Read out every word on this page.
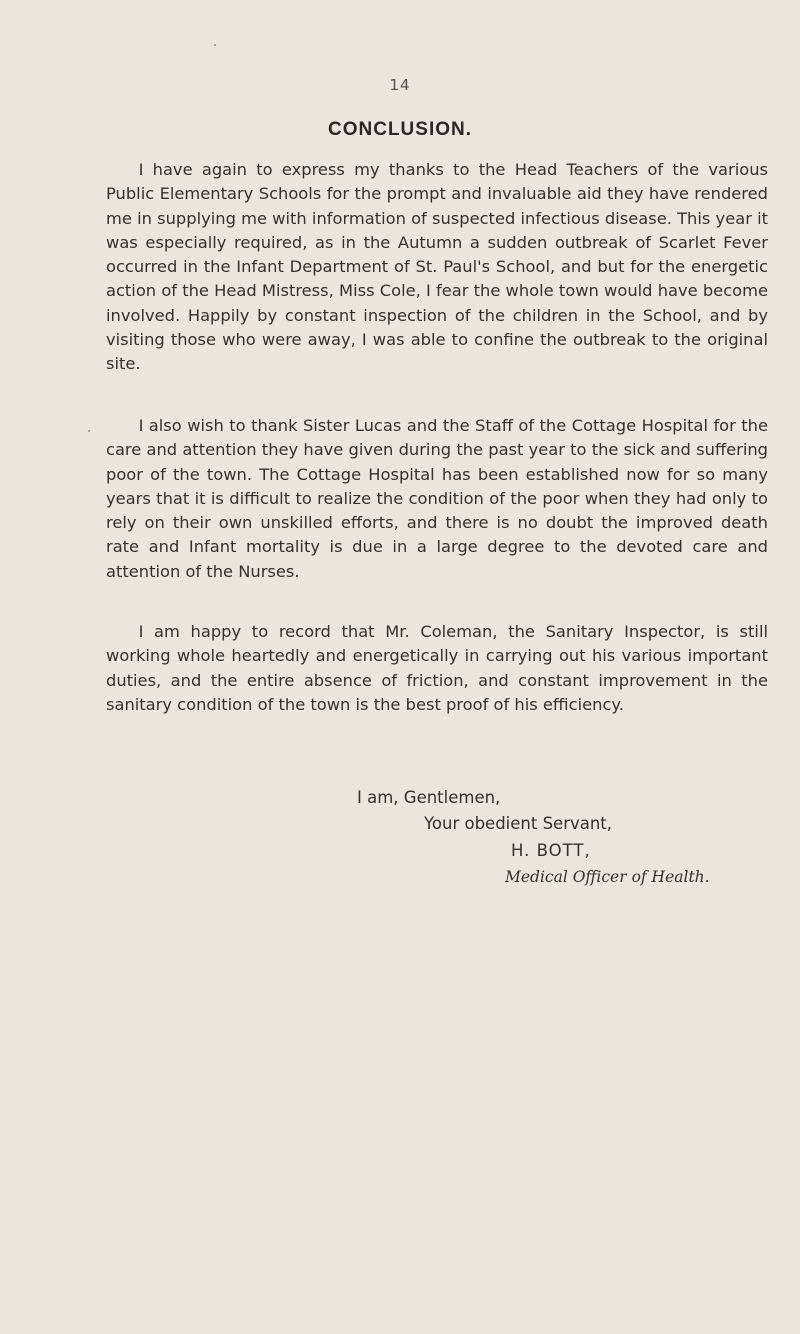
14
CONCLUSION.

  I have again to express my thanks to the Head Teachers of the various Public Elementary Schools for the prompt and invaluable aid they have rendered me in supplying me with information of suspected infectious disease. This year it was especially required, as in the Autumn a sudden outbreak of Scarlet Fever occurred in the Infant Department of St. Paul's School, and but for the energetic action of the Head Mistress, Miss Cole, I fear the whole town would have become involved. Happily by constant inspection of the children in the School, and by visiting those who were away, I was able to confine the outbreak to the original site.

  I also wish to thank Sister Lucas and the Staff of the Cottage Hospital for the care and attention they have given during the past year to the sick and suffering poor of the town. The Cottage Hospital has been established now for so many years that it is difficult to realize the condition of the poor when they had only to rely on their own unskilled efforts, and there is no doubt the improved death rate and Infant mortality is due in a large degree to the devoted care and attention of the Nurses.

  I am happy to record that Mr. Coleman, the Sanitary Inspector, is still working whole heartedly and energetically in carrying out his various important duties, and the entire absence of friction, and constant improvement in the sanitary condition of the town is the best proof of his efficiency.

I am, Gentlemen,
Your obedient Servant,
H. BOTT,
Medical Officer of Health.
